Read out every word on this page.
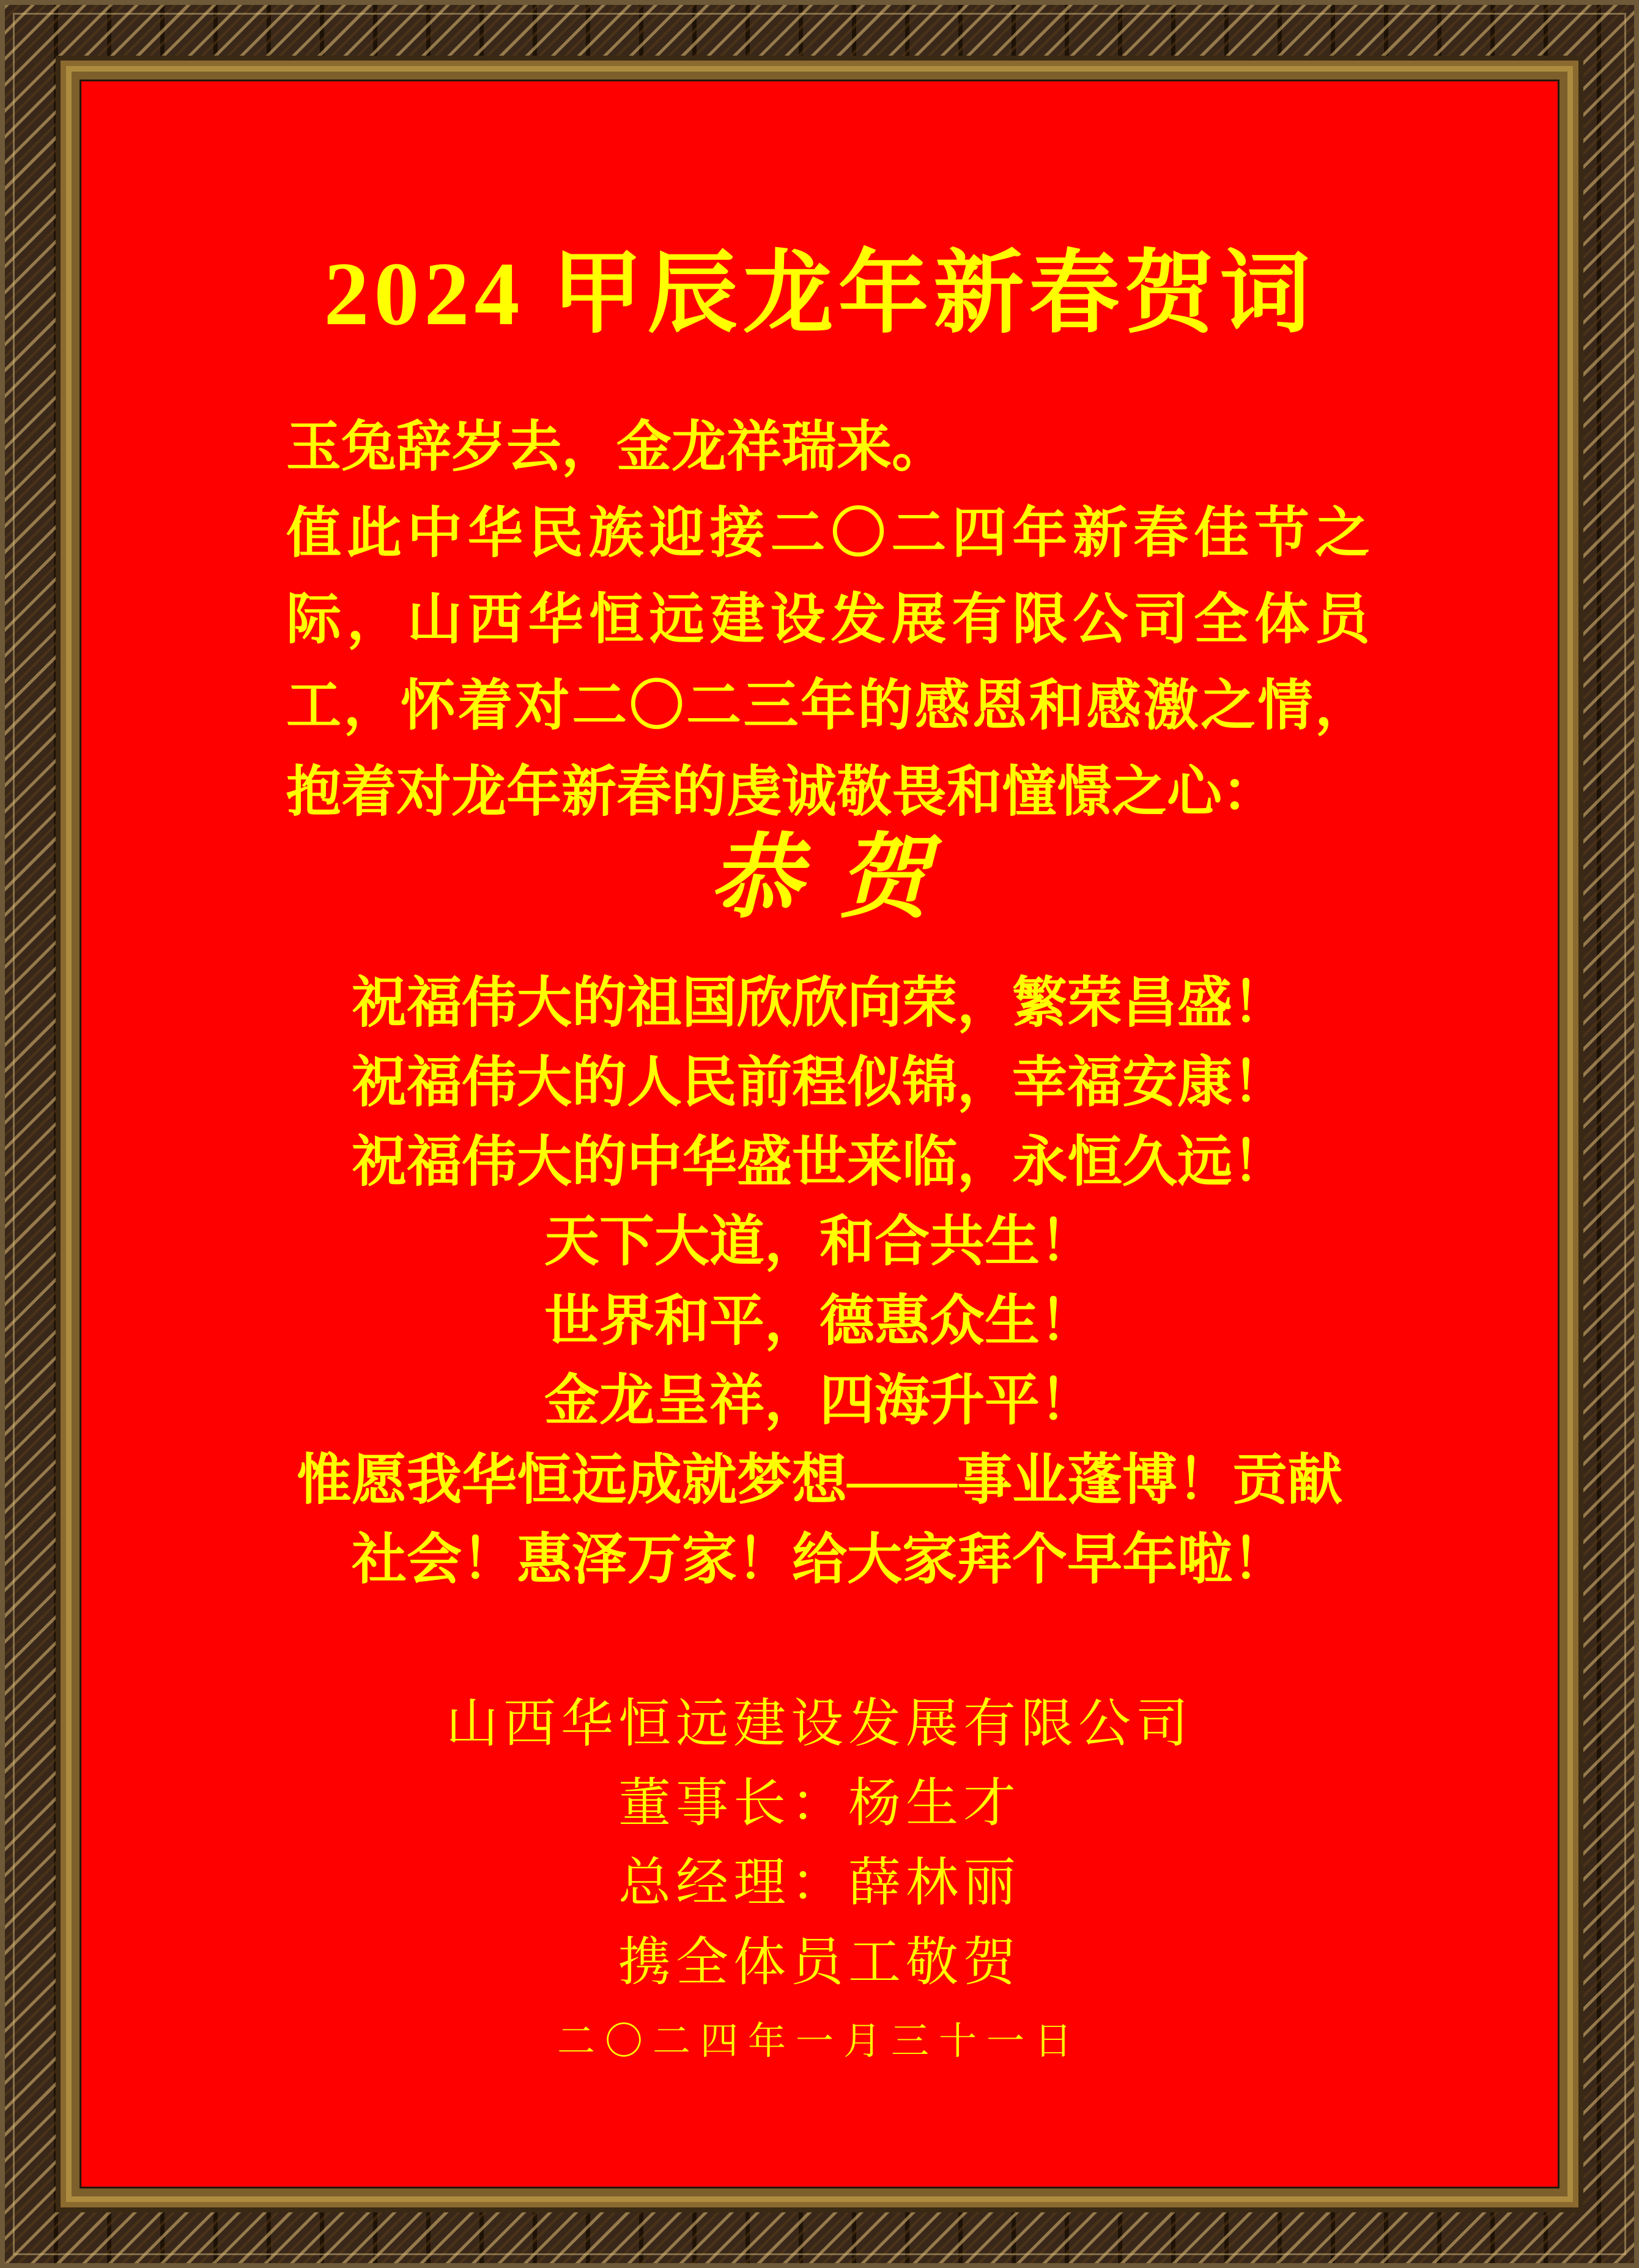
2024 甲辰龙年新春贺词
玉兔辞岁去，金龙祥瑞来。
值此中华民族迎接二〇二四年新春佳节之
际，山西华恒远建设发展有限公司全体员
工，怀着对二〇二三年的感恩和感激之情，
抱着对龙年新春的虔诚敬畏和憧憬之心：
恭贺
祝福伟大的祖国欣欣向荣，繁荣昌盛！
祝福伟大的人民前程似锦，幸福安康！
祝福伟大的中华盛世来临，永恒久远！
天下大道，和合共生！
世界和平，德惠众生！
金龙呈祥，四海升平！
惟愿我华恒远成就梦想——事业蓬博！贡献
社会！惠泽万家！给大家拜个早年啦！
山西华恒远建设发展有限公司
董事长：杨生才
总经理：薛林丽
携全体员工敬贺
二〇二四年一月三十一日
